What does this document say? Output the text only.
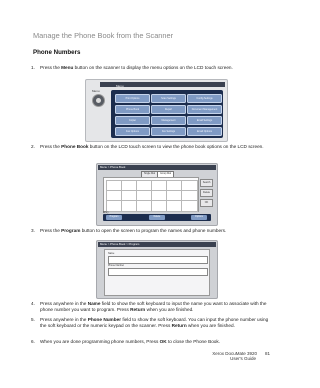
Manage the Phone Book from the Scanner
Phone Numbers
1. Press the Menu button on the scanner to display the menu options on the LCD touch screen.
Menu
Menu
Print Options	Scan Settings	Config Settings
Phone Book	Report	Document Management
Copier	Management	Email Settings
Fax Options	Fax Settings	Email Options
2. Press the Phone Book button on the LCD touch screen to view the phone book options on the LCD screen.
Menu > Phone Book
Single Dial	Group Dial
Search
Delete
OK
Entry
Program	Delete	Options
3. Press the Program button to open the screen to program the names and phone numbers.
Menu > Phone Book > Program
Name
Phone Number
4. Press anywhere in the Name field to show the soft keyboard to input the name you want to associate with the phone number you want to program. Press Return when you are finished.
5. Press anywhere in the Phone Number field to show the soft keyboard. You can input the phone number using the soft keyboard or the numeric keypad on the scanner. Press Return when you are finished.
6. When you are done programming phone numbers, Press OK to close the Phone Book.
Xerox DocuMate 3920 81
User's Guide
